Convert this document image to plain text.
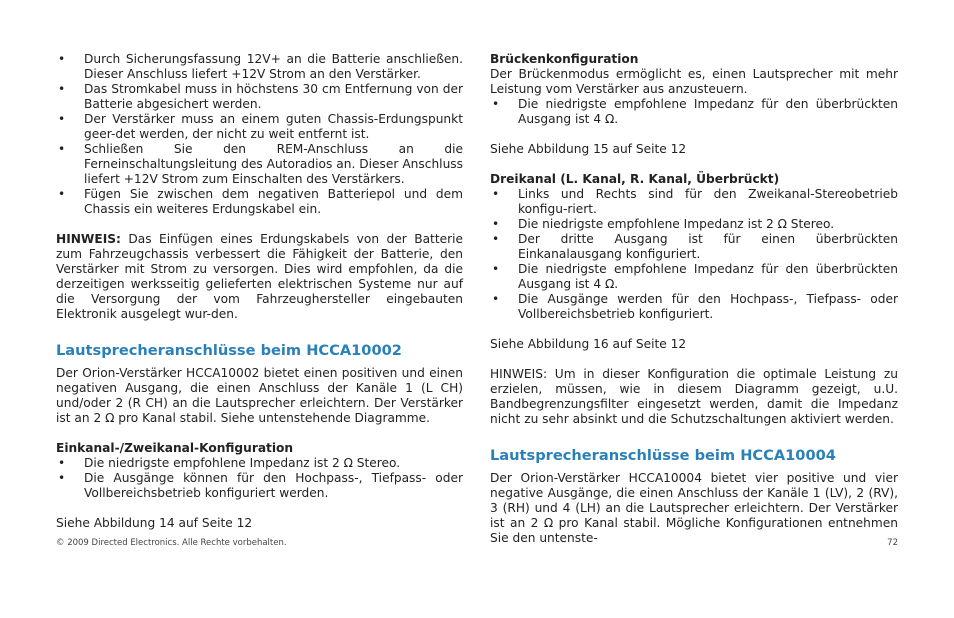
• Durch Sicherungsfassung 12V+ an die Batterie anschließen. Dieser Anschluss liefert +12V Strom an den Verstärker.
• Das Stromkabel muss in höchstens 30 cm Entfernung von der Batterie abgesichert werden.
• Der Verstärker muss an einem guten Chassis-Erdungspunkt geer-det werden, der nicht zu weit entfernt ist.
• Schließen Sie den REM-Anschluss an die Ferneinschaltungsleitung des Autoradios an. Dieser Anschluss liefert +12V Strom zum Einschalten des Verstärkers.
• Fügen Sie zwischen dem negativen Batteriepol und dem Chassis ein weiteres Erdungskabel ein.

HINWEIS: Das Einfügen eines Erdungskabels von der Batterie zum Fahrzeugchassis verbessert die Fähigkeit der Batterie, den Verstärker mit Strom zu versorgen. Dies wird empfohlen, da die derzeitigen werksseitig gelieferten elektrischen Systeme nur auf die Versorgung der vom Fahrzeughersteller eingebauten Elektronik ausgelegt wur-den.

Lautsprecheranschlüsse beim HCCA10002

Der Orion-Verstärker HCCA10002 bietet einen positiven und einen negativen Ausgang, die einen Anschluss der Kanäle 1 (L CH) und/oder 2 (R CH) an die Lautsprecher erleichtern. Der Verstärker ist an 2 Ω pro Kanal stabil. Siehe untenstehende Diagramme.

Einkanal-/Zweikanal-Konfiguration
• Die niedrigste empfohlene Impedanz ist 2 Ω Stereo.
• Die Ausgänge können für den Hochpass-, Tiefpass- oder Vollbereichsbetrieb konfiguriert werden.

Siehe Abbildung 14 auf Seite 12

Brückenkonfiguration

Der Brückenmodus ermöglicht es, einen Lautsprecher mit mehr Leistung vom Verstärker aus anzusteuern.

• Die niedrigste empfohlene Impedanz für den überbrückten Ausgang ist 4 Ω.

Siehe Abbildung 15 auf Seite 12

Dreikanal (L. Kanal, R. Kanal, Überbrückt)
• Links und Rechts sind für den Zweikanal-Stereobetrieb konfigu-riert.
• Die niedrigste empfohlene Impedanz ist 2 Ω Stereo.
• Der dritte Ausgang ist für einen überbrückten Einkanalausgang konfiguriert.
• Die niedrigste empfohlene Impedanz für den überbrückten Ausgang ist 4 Ω.
• Die Ausgänge werden für den Hochpass-, Tiefpass- oder Vollbereichsbetrieb konfiguriert.

Siehe Abbildung 16 auf Seite 12

HINWEIS: Um in dieser Konfiguration die optimale Leistung zu erzielen, müssen, wie in diesem Diagramm gezeigt, u.U. Bandbegrenzungsfilter eingesetzt werden, damit die Impedanz nicht zu sehr absinkt und die Schutzschaltungen aktiviert werden.

Lautsprecheranschlüsse beim HCCA10004

Der Orion-Verstärker HCCA10004 bietet vier positive und vier negative Ausgänge, die einen Anschluss der Kanäle 1 (LV), 2 (RV), 3 (RH) und 4 (LH) an die Lautsprecher erleichtern. Der Verstärker ist an 2 Ω pro Kanal stabil. Mögliche Konfigurationen entnehmen Sie den untenste-

© 2009 Directed Electronics. Alle Rechte vorbehalten.	72
